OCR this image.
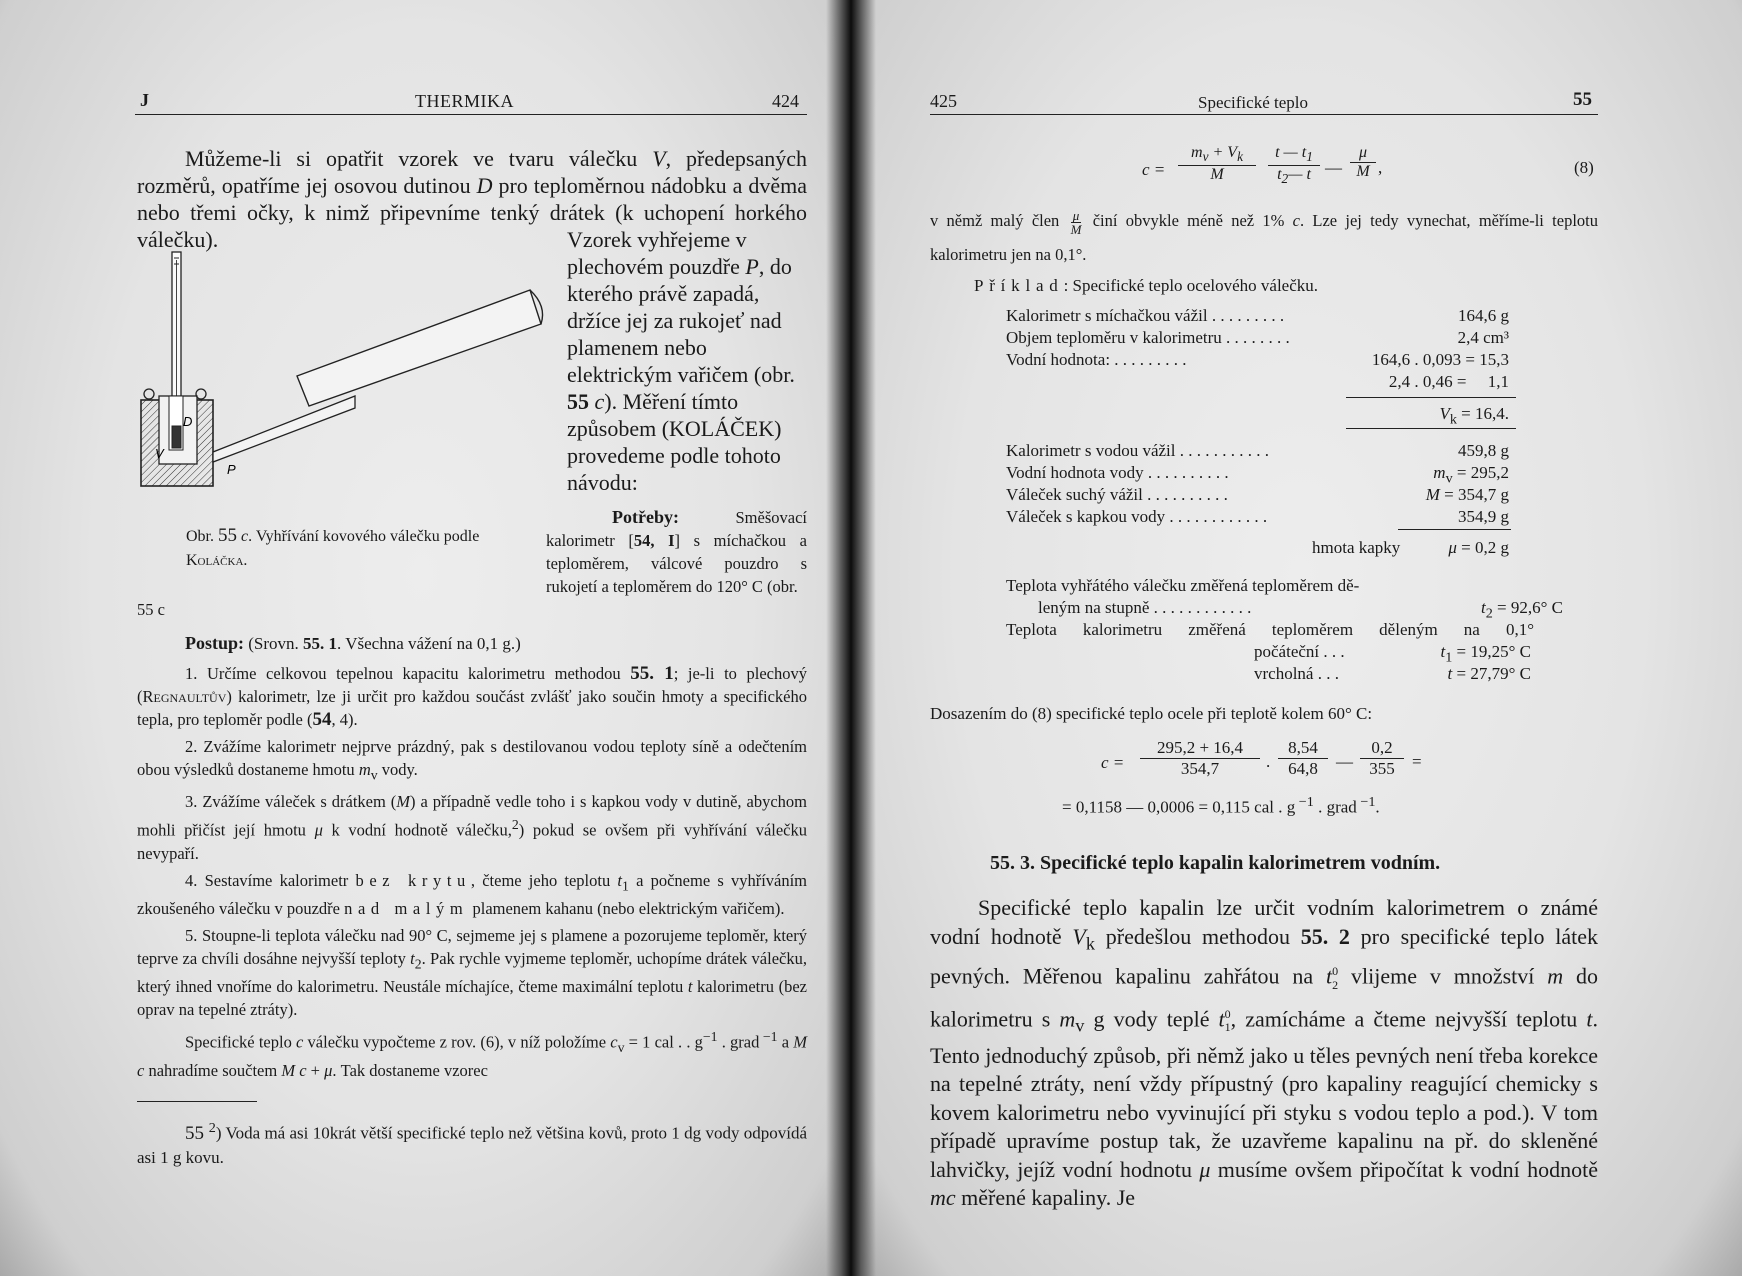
J	THERMIKA	424
Můžeme-li si opatřit vzorek ve tvaru válečku V, předepsaných rozměrů, opatříme jej osovou dutinou D pro teploměrnou nádobku a dvěma nebo třemi očky, k nimž připevníme tenký drátek (k uchopení horkého válečku).
D
V
P
Vzorek vyhřejeme v plechovém pouzdře P, do kterého právě zapadá, držíce jej za rukojeť nad plamenem nebo elektrickým vařičem (obr. 55 c). Měření tímto způsobem (KOLÁČEK) provedeme podle tohoto návodu:
Obr. 55 c. Vyhřívání kovového válečku podle Koláčka.
Potřeby: Směšovací kalorimetr [54, I] s míchačkou a teploměrem, válcové pouzdro s rukojetí a teploměrem do 120° C (obr.
55 c
Postup: (Srovn. 55. 1. Všechna vážení na 0,1 g.)

1. Určíme celkovou tepelnou kapacitu kalorimetru methodou 55. 1; je-li to plechový (Regnaultův) kalorimetr, lze ji určit pro každou součást zvlášť jako součin hmoty a specifického tepla, pro teploměr podle (54, 4).

2. Zvážíme kalorimetr nejprve prázdný, pak s destilovanou vodou teploty síně a odečtením obou výsledků dostaneme hmotu $m_v$ vody.

3. Zvážíme váleček s drátkem (M) a případně vedle toho i s kapkou vody v dutině, abychom mohli přičíst její hmotu μ k vodní hodnotě válečku,$^2$) pokud se ovšem při vyhřívání válečku nevypaří.

4. Sestavíme kalorimetr bez krytu, čteme jeho teplotu $t_1$ a počneme s vyhříváním zkoušeného válečku v pouzdře nad malým plamenem kahanu (nebo elektrickým vařičem).

5. Stoupne-li teplota válečku nad 90° C, sejmeme jej s plamene a pozorujeme teploměr, který teprve za chvíli dosáhne nejvyšší teploty $t_2$. Pak rychle vyjmeme teploměr, uchopíme drátek válečku, který ihned vnoříme do kalorimetru. Neustále míchajíce, čteme maximální teplotu t kalorimetru (bez oprav na tepelné ztráty).

Specifické teplo c válečku vypočteme z rov. (6), v níž položíme $c_v = 1$ cal . . $g^{-1}$ . grad $^{-1}$ a M c nahradíme součtem M c + μ. Tak dostaneme vzorec

55 $^2$) Voda má asi 10krát větší specifické teplo než většina kovů, proto 1 dg vody odpovídá asi 1 g kovu.
425	Specifické teplo	55
$c = \frac{m_v + V_k}{M} \frac{t — t_1}{t_2— t}$ — $\frac{\mu}{M}$ ,	(8)
v němž malý člen $\frac{\mu}{M}$ činí obvykle méně než 1% c. Lze jej tedy vynechat, měříme-li teplotu kalorimetru jen na 0,1°.
Příklad: Specifické teplo ocelového válečku.
Kalorimetr s míchačkou vážil . . . . . . . . .	164,6 g
Objem teploměru v kalorimetru . . . . . . . .	2,4 cm³
Vodní hodnota: . . . . . . . . .	164,6 . 0,093 = 15,3
2,4 . 0,46 =     1,1
$V_k = 16,4$.
Kalorimetr s vodou vážil . . . . . . . . . . .	459,8 g
Vodní hodnota vody . . . . . . . . . .	$m_v = 295,2$
Váleček suchý vážil . . . . . . . . . .	M = 354,7 g
Váleček s kapkou vody . . . . . . . . . . . .	354,9 g
hmota kapky	μ = 0,2 g
Teplota vyhřátého válečku změřená teploměrem dě-
leným na stupně . . . . . . . . . . . .	$t_2 = 92,6^\circ$ C
Teplota kalorimetru změřená teploměrem děleným na 0,1°
počáteční . . .	$t_1 = 19,25^\circ$ C
vrcholná . . .	t = 27,79° C
Dosazením do (8) specifické teplo ocele při teplotě kolem 60° C:
$c = \frac{295,2 + 16,4}{354,7}$ . $\frac{8,54}{64,8}$ — $\frac{0,2}{355}$ =
= 0,1158 — 0,0006 = 0,115 cal . g $^{-1}$ . grad $^{-1}$.
55. 3. Specifické teplo kapalin kalorimetrem vodním.

Specifické teplo kapalin lze určit vodním kalorimetrem o známé vodní hodnotě $V_k$ předešlou methodou 55. 2 pro specifické teplo látek pevných. Měřenou kapalinu zahřátou na $t^0_2$ vlijeme v množství m do kalorimetru s $m_v$ g vody teplé $t^0_1$, zamícháme a čteme nejvyšší teplotu t. Tento jednoduchý způsob, při němž jako u těles pevných není třeba korekce na tepelné ztráty, není vždy přípustný (pro kapaliny reagující chemicky s kovem kalorimetru nebo vyvinující při styku s vodou teplo a pod.). V tom případě upravíme postup tak, že uzavřeme kapalinu na př. do skleněné lahvičky, jejíž vodní hodnotu μ musíme ovšem připočítat k vodní hodnotě mc měřené kapaliny. Je
